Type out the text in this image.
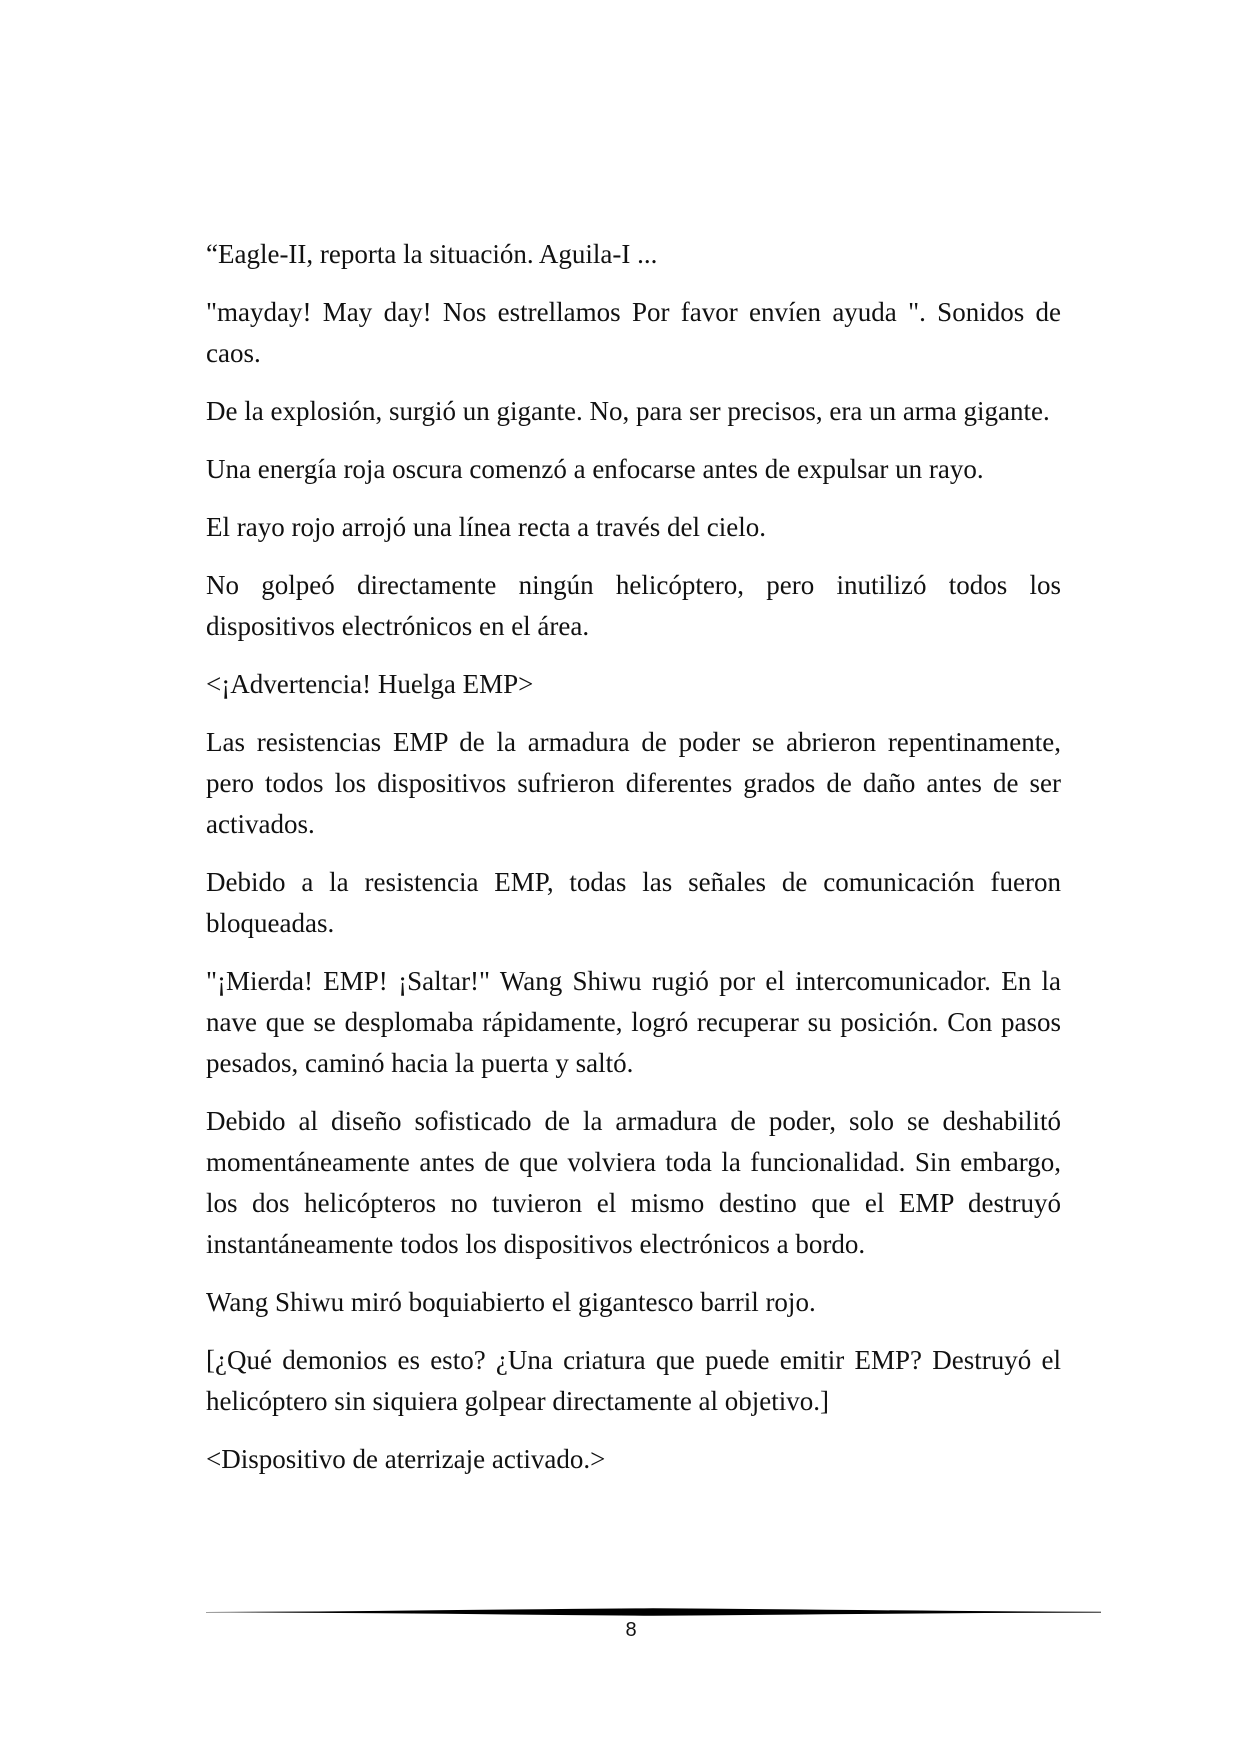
“Eagle-II, reporta la situación. Aguila-I ...

"mayday! May day! Nos estrellamos Por favor envíen ayuda ". Sonidos de caos.

De la explosión, surgió un gigante. No, para ser precisos, era un arma gigante.

Una energía roja oscura comenzó a enfocarse antes de expulsar un rayo.

El rayo rojo arrojó una línea recta a través del cielo.

No golpeó directamente ningún helicóptero, pero inutilizó todos los dispositivos electrónicos en el área.

<¡Advertencia! Huelga EMP>

Las resistencias EMP de la armadura de poder se abrieron repentinamente, pero todos los dispositivos sufrieron diferentes grados de daño antes de ser activados.

Debido a la resistencia EMP, todas las señales de comunicación fueron bloqueadas.

"¡Mierda! EMP! ¡Saltar!" Wang Shiwu rugió por el intercomunicador. En la nave que se desplomaba rápidamente, logró recuperar su posición. Con pasos pesados, caminó hacia la puerta y saltó.

Debido al diseño sofisticado de la armadura de poder, solo se deshabilitó momentáneamente antes de que volviera toda la funcionalidad. Sin embargo, los dos helicópteros no tuvieron el mismo destino que el EMP destruyó instantáneamente todos los dispositivos electrónicos a bordo.

Wang Shiwu miró boquiabierto el gigantesco barril rojo.

[¿Qué demonios es esto? ¿Una criatura que puede emitir EMP? Destruyó el helicóptero sin siquiera golpear directamente al objetivo.]

<Dispositivo de aterrizaje activado.>

8
